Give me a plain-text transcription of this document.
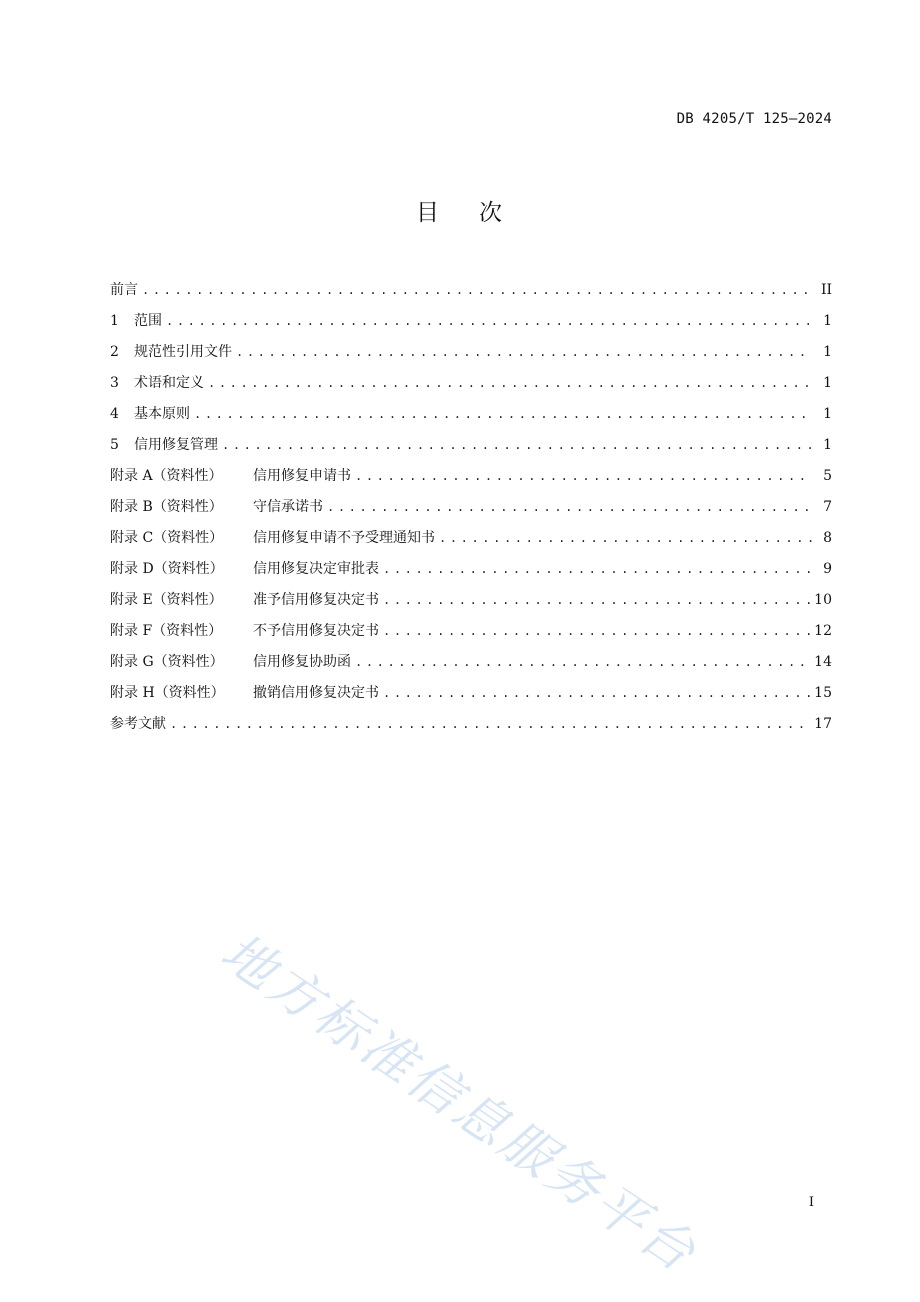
DB 4205/T 125—2024
目 次
前言 .....	II
1	范围 .....	1
2	规范性引用文件 .....	1
3	术语和定义 .....	1
4	基本原则 .....	1
5	信用修复管理 .....	1
附录 A（资料性）	信用修复申请书 .....	5
附录 B（资料性）	守信承诺书 .....	7
附录 C（资料性）	信用修复申请不予受理通知书 .....	8
附录 D（资料性）	信用修复决定审批表 .....	9
附录 E（资料性）	准予信用修复决定书 .....	10
附录 F（资料性）	不予信用修复决定书 .....	12
附录 G（资料性）	信用修复协助函 .....	14
附录 H（资料性）	撤销信用修复决定书 .....	15
参考文献 .....	17
地方标准信息服务平台	I
